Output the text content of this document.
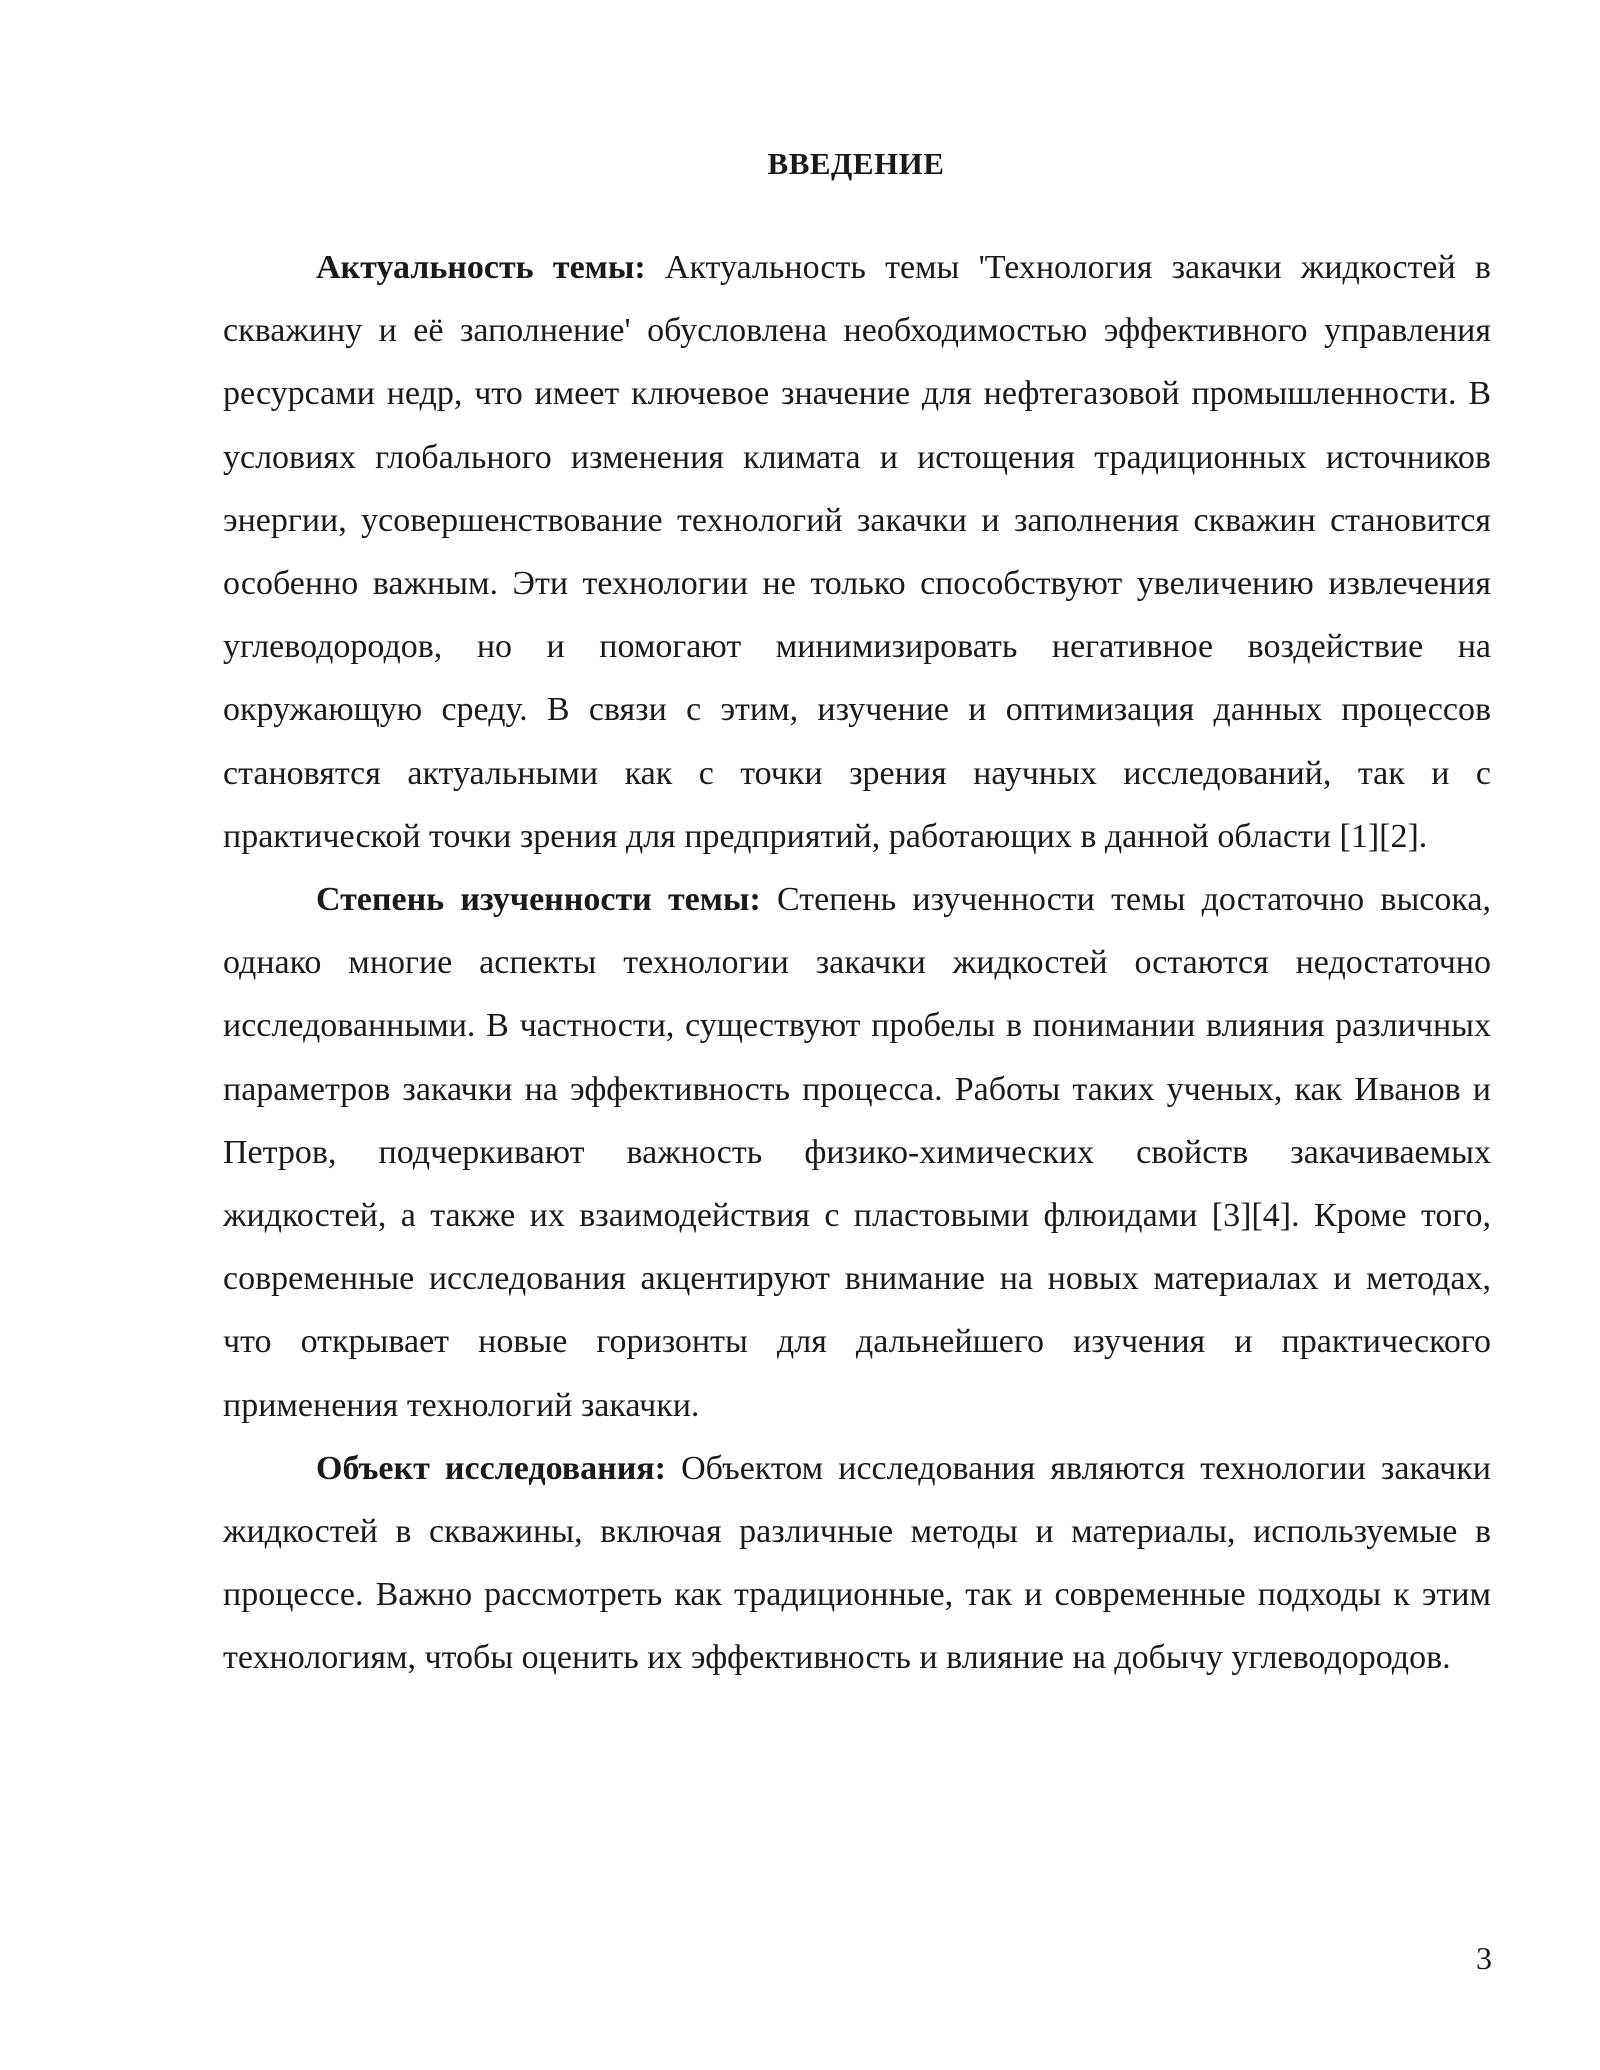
ВВЕДЕНИЕ

Актуальность темы: Актуальность темы 'Технология закачки жидкостей в скважину и её заполнение' обусловлена необходимостью эффективного управления ресурсами недр, что имеет ключевое значение для нефтегазовой промышленности. В условиях глобального изменения климата и истощения традиционных источников энергии, усовершенствование технологий закачки и заполнения скважин становится особенно важным. Эти технологии не только способствуют увеличению извлечения углеводородов, но и помогают минимизировать негативное воздействие на окружающую среду. В связи с этим, изучение и оптимизация данных процессов становятся актуальными как с точки зрения научных исследований, так и с практической точки зрения для предприятий, работающих в данной области [1][2].

Степень изученности темы: Степень изученности темы достаточно высока, однако многие аспекты технологии закачки жидкостей остаются недостаточно исследованными. В частности, существуют пробелы в понимании влияния различных параметров закачки на эффективность процесса. Работы таких ученых, как Иванов и Петров, подчеркивают важность физико-химических свойств закачиваемых жидкостей, а также их взаимодействия с пластовыми флюидами [3][4]. Кроме того, современные исследования акцентируют внимание на новых материалах и методах, что открывает новые горизонты для дальнейшего изучения и практического применения технологий закачки.

Объект исследования: Объектом исследования являются технологии закачки жидкостей в скважины, включая различные методы и материалы, используемые в процессе. Важно рассмотреть как традиционные, так и современные подходы к этим технологиям, чтобы оценить их эффективность и влияние на добычу углеводородов.

3
